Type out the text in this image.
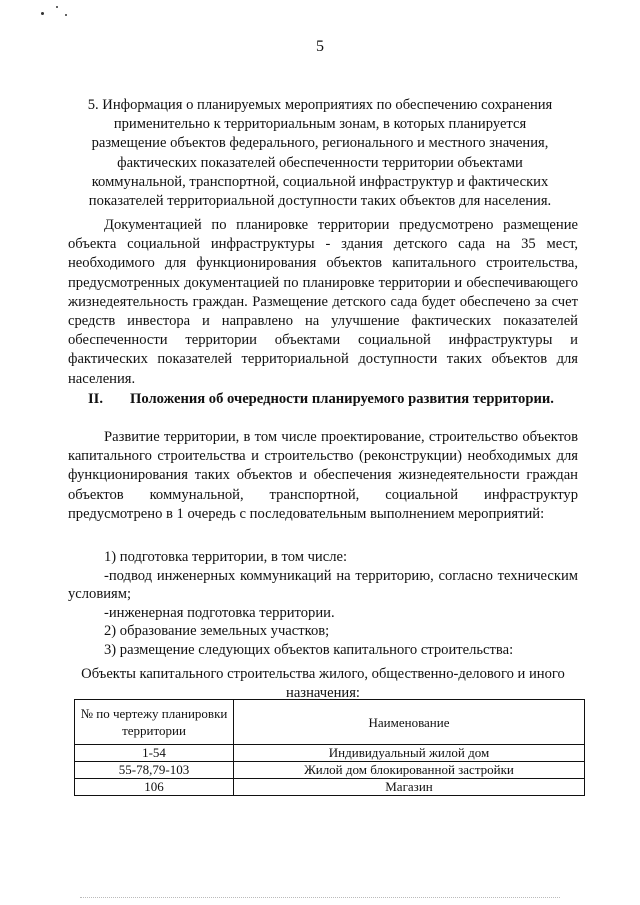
5

5. Информация о планируемых мероприятиях по обеспечению сохранения
применительно к территориальным зонам, в которых планируется
размещение объектов федерального, регионального и местного значения,
фактических показателей обеспеченности территории объектами
коммунальной, транспортной, социальной инфраструктур и фактических
показателей территориальной доступности таких объектов для населения.

Документацией по планировке территории предусмотрено размещение объекта социальной инфраструктуры - здания детского сада на 35 мест, необходимого для функционирования объектов капитального строительства, предусмотренных документацией по планировке территории и обеспечивающего жизнедеятельность граждан. Размещение детского сада будет обеспечено за счет средств инвестора и направлено на улучшение фактических показателей обеспеченности территории объектами социальной инфраструктуры и фактических показателей территориальной доступности таких объектов для населения.

II. Положения об очередности планируемого развития территории.

Развитие территории, в том числе проектирование, строительство объектов капитального строительства и строительство (реконструкции) необходимых для функционирования таких объектов и обеспечения жизнедеятельности граждан объектов коммунальной, транспортной, социальной инфраструктур предусмотрено в 1 очередь с последовательным выполнением мероприятий:

1) подготовка территории, в том числе:
-подвод инженерных коммуникаций на территорию, согласно техническим условиям;
-инженерная подготовка территории.
2) образование земельных участков;
3) размещение следующих объектов капитального строительства:

Объекты капитального строительства жилого, общественно-делового и иного
назначения:

№ по чертежу планировки территории	Наименование
1-54	Индивидуальный жилой дом
55-78,79-103	Жилой дом блокированной застройки
106	Магазин
